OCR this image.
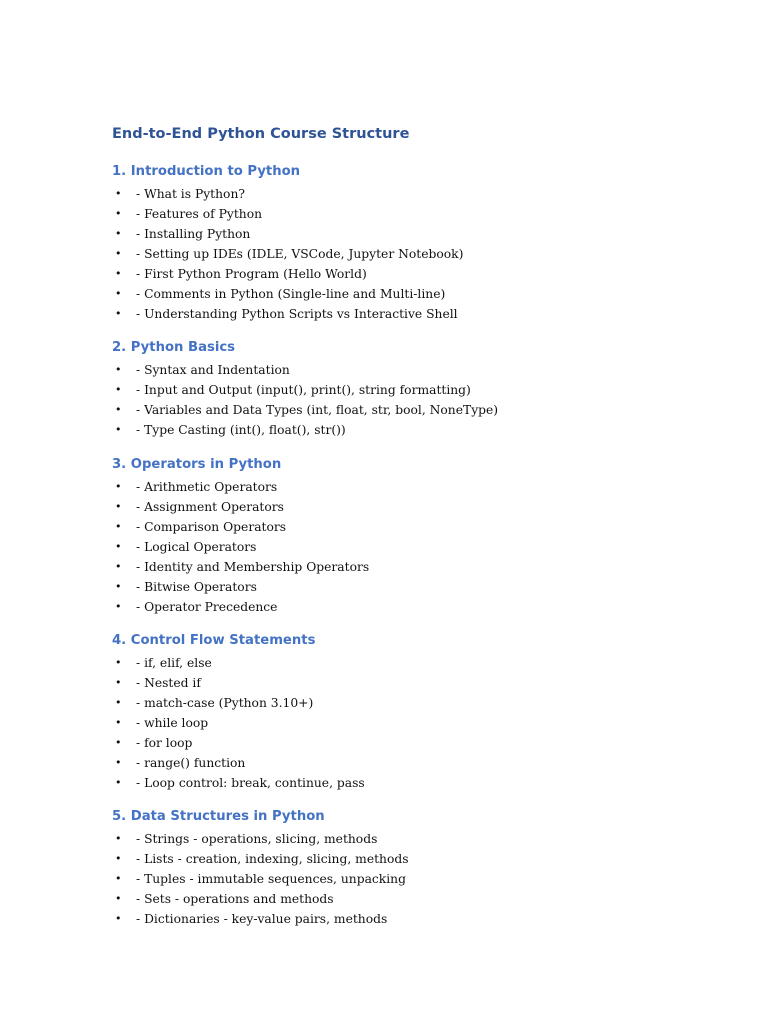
End-to-End Python Course Structure
1. Introduction to Python
• - What is Python?
• - Features of Python
• - Installing Python
• - Setting up IDEs (IDLE, VSCode, Jupyter Notebook)
• - First Python Program (Hello World)
• - Comments in Python (Single-line and Multi-line)
• - Understanding Python Scripts vs Interactive Shell
2. Python Basics
• - Syntax and Indentation
• - Input and Output (input(), print(), string formatting)
• - Variables and Data Types (int, float, str, bool, NoneType)
• - Type Casting (int(), float(), str())
3. Operators in Python
• - Arithmetic Operators
• - Assignment Operators
• - Comparison Operators
• - Logical Operators
• - Identity and Membership Operators
• - Bitwise Operators
• - Operator Precedence
4. Control Flow Statements
• - if, elif, else
• - Nested if
• - match-case (Python 3.10+)
• - while loop
• - for loop
• - range() function
• - Loop control: break, continue, pass
5. Data Structures in Python
• - Strings - operations, slicing, methods
• - Lists - creation, indexing, slicing, methods
• - Tuples - immutable sequences, unpacking
• - Sets - operations and methods
• - Dictionaries - key-value pairs, methods
